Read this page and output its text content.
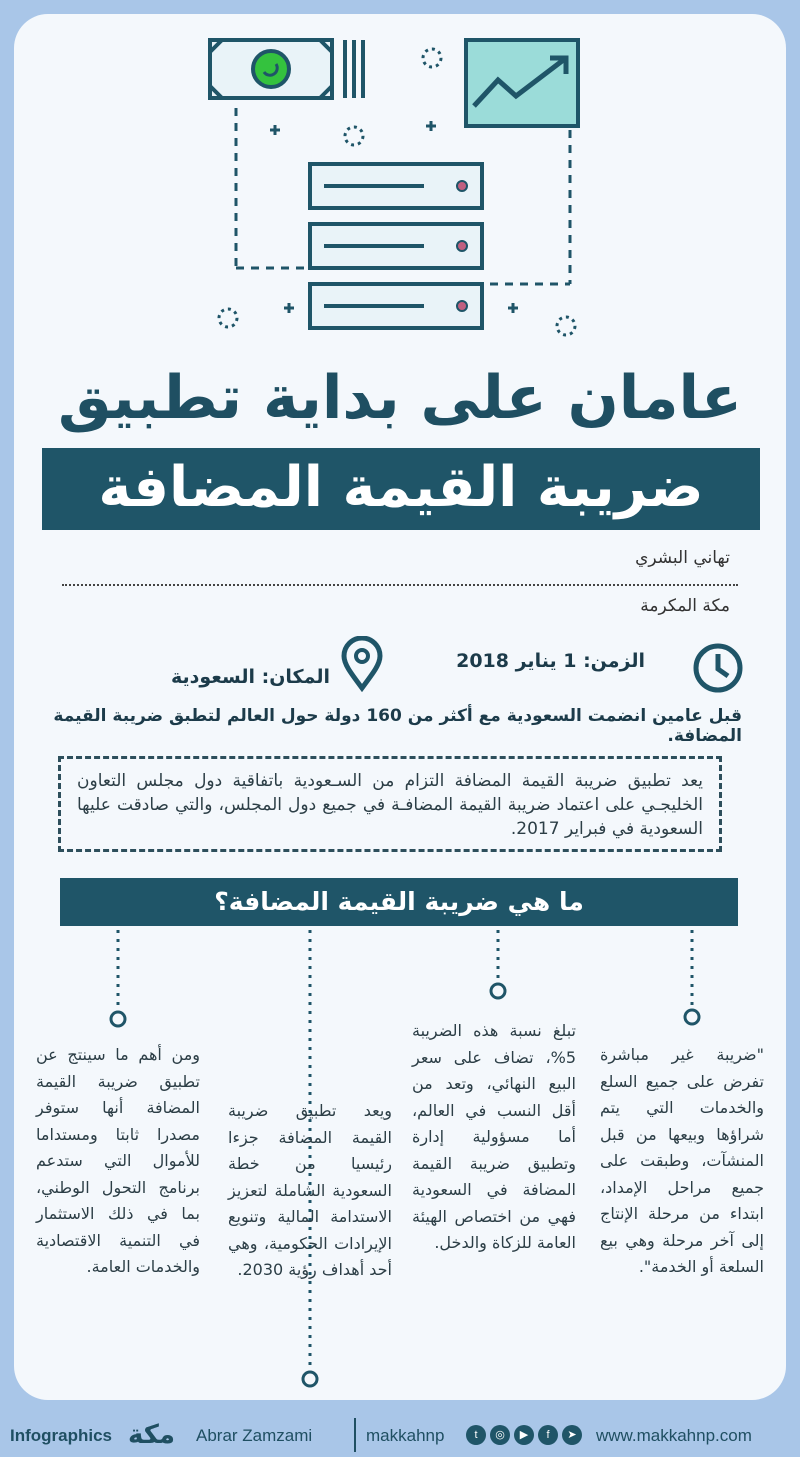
عامان على بداية تطبيق
ضريبة القيمة المضافة
تهاني البشري
مكة المكرمة
الزمن: 1 يناير 2018
المكان: السعودية
قبل عامين انضمت السعودية مع أكثر من 160 دولة حول العالم لتطبق ضريبة القيمة المضافة.
يعد تطبيق ضريبة القيمة المضافة التزام من السـعودية باتفاقية دول مجلس التعاون الخليجـي على اعتماد ضريبة القيمة المضافـة في جميع دول المجلس، والتي صادقت عليها السعودية في فبراير 2017.
ما هي ضريبة القيمة المضافة؟
"ضريبة غير مباشرة تفرض على جميع السلع والخدمات التي يتم شراؤها وبيعها من قبل المنشآت، وطبقت على جميع مراحل الإمداد، ابتداء من مرحلة الإنتاج إلى آخر مرحلة وهي بيع السلعة أو الخدمة".
تبلغ نسبة هذه الضريبة 5%، تضاف على سعر البيع النهائي، وتعد من أقل النسب في العالم، أما مسؤولية إدارة وتطبيق ضريبة القيمة المضافة في السعودية فهي من اختصاص الهيئة العامة للزكاة والدخل.
ويعد تطبيق ضريبة القيمة المضافة جزءا رئيسيا من خطة السعودية الشاملة لتعزيز الاستدامة المالية وتنويع الإيرادات الحكومية، وهي أحد أهداف رؤية 2030.
ومن أهم ما سينتج عن تطبيق ضريبة القيمة المضافة أنها ستوفر مصدرا ثابتا ومستداما للأموال التي ستدعم برنامج التحول الوطني، بما في ذلك الاستثمار في التنمية الاقتصادية والخدمات العامة.
Infographics مكة Abrar Zamzami	makkahnp	t	◎	▶	f	➤	www.makkahnp.com
